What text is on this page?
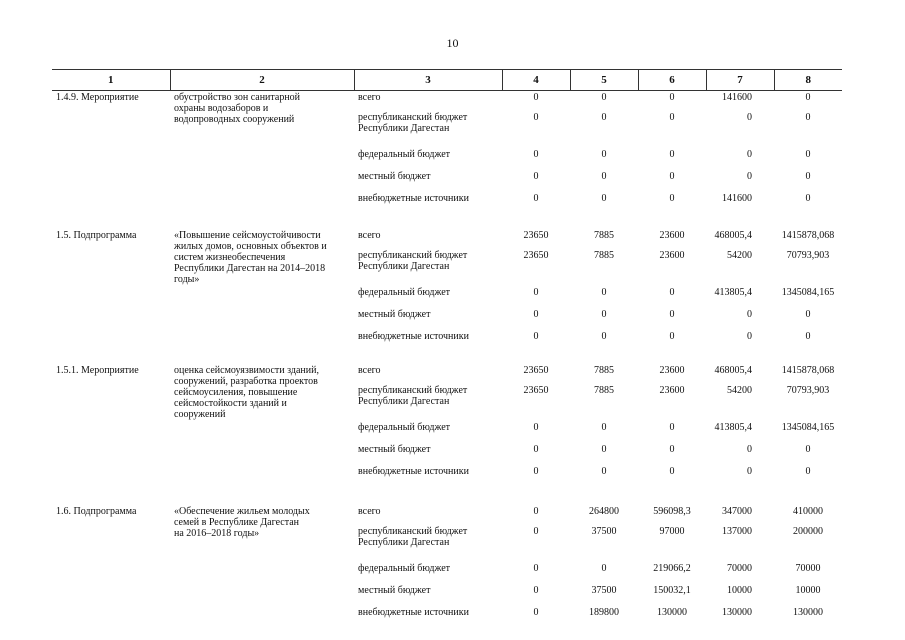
10
1	2	3	4	5	6	7	8
1.4.9. Мероприятие	обустройство зон санитарной
охраны водозаборов и
водопроводных сооружений	всего	0	0	0	141600	0

		республиканский бюджет
Республики Дагестан	0	0	0	0	0

		федеральный бюджет	0	0	0	0	0

		местный бюджет	0	0	0	0	0

		внебюджетные источники	0	0	0	141600	0

1.5. Подпрограмма	«Повышение сейсмоустойчивости
жилых домов, основных объектов и
систем жизнеобеспечения
Республики Дагестан на 2014–2018
годы»	всего	23650	7885	23600	468005,4	1415878,068

		республиканский бюджет
Республики Дагестан	23650	7885	23600	54200	70793,903

		федеральный бюджет	0	0	0	413805,4	1345084,165

		местный бюджет	0	0	0	0	0

		внебюджетные источники	0	0	0	0	0

1.5.1. Мероприятие	оценка сейсмоуязвимости зданий,
сооружений, разработка проектов
сейсмоусиления, повышение
сейсмостойкости зданий и
сооружений	всего	23650	7885	23600	468005,4	1415878,068

		республиканский бюджет
Республики Дагестан	23650	7885	23600	54200	70793,903

		федеральный бюджет	0	0	0	413805,4	1345084,165

		местный бюджет	0	0	0	0	0

		внебюджетные источники	0	0	0	0	0

1.6. Подпрограмма	«Обеспечение жильем молодых
семей в Республике Дагестан
на 2016–2018 годы»	всего	0	264800	596098,3	347000	410000

		республиканский бюджет
Республики Дагестан	0	37500	97000	137000	200000

		федеральный бюджет	0	0	219066,2	70000	70000

		местный бюджет	0	37500	150032,1	10000	10000

		внебюджетные источники	0	189800	130000	130000	130000
